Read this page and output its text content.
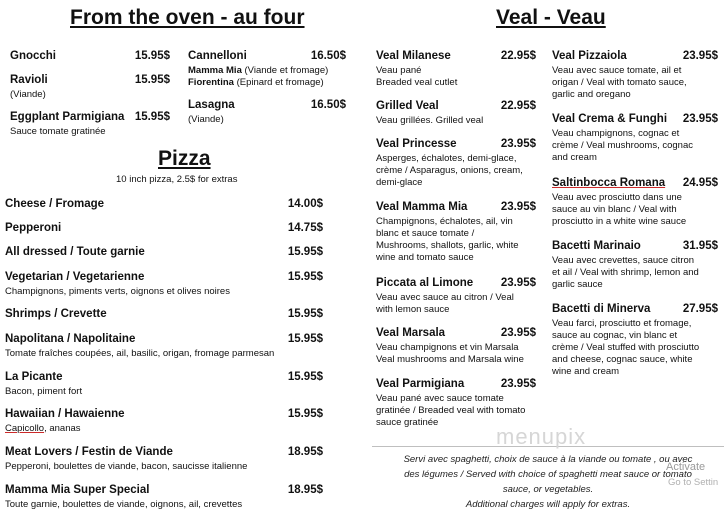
From the oven - au four
Gnocchi	15.95$
Ravioli	15.95$
(Viande)
Eggplant Parmigiana 15.95$
Sauce tomate gratinée
Cannelloni	16.50$
Mamma Mia (Viande et fromage)
Fiorentina (Epinard et fromage)
Lasagna	16.50$
(Viande)
Pizza
10 inch pizza, 2.5$ for extras
Cheese / Fromage	14.00$
Pepperoni	14.75$
All dressed / Toute garnie	15.95$
Vegetarian / Vegetarienne	15.95$
Champignons, piments verts, oignons et olives noires
Shrimps / Crevette	15.95$
Napolitana / Napolitaine	15.95$
Tomate fraîches coupées, ail, basilic, origan, fromage parmesan
La Picante	15.95$
Bacon, piment fort
Hawaiian / Hawaienne	15.95$
Capicollo, ananas
Meat Lovers / Festin de Viande	18.95$
Pepperoni, boulettes de viande, bacon, saucisse italienne
Mamma Mia Super Special	18.95$
Toute garnie, boulettes de viande, oignons, ail, crevettes
Veal - Veau
Veal Milanese	22.95$
Veau pané
Breaded veal cutlet
Grilled Veal	22.95$
Veau grillées. Grilled veal
Veal Princesse	23.95$
Asperges, échalotes, demi-glace,
crème / Asparagus, onions, cream,
demi-glace
Veal Mamma Mia	23.95$
Champignons, échalotes, ail, vin
blanc et sauce tomate /
Mushrooms, shallots, garlic, white
wine and tomato sauce
Piccata al Limone 23.95$
Veau avec sauce au citron / Veal
with lemon sauce
Veal Marsala	23.95$
Veau champignons et vin Marsala
Veal mushrooms and Marsala wine
Veal Parmigiana	23.95$
Veau pané avec sauce tomate
gratinée / Breaded veal with tomato
sauce gratinée
Veal Pizzaiola	23.95$
Veau avec sauce tomate, ail et
origan / Veal with tomato sauce,
garlic and oregano
Veal Crema & Funghi 23.95$
Veau champignons, cognac et
crème / Veal mushrooms, cognac
and cream
Saltinbocca Romana 24.95$
Veau avec prosciutto dans une
sauce au vin blanc / Veal with
prosciutto in a white wine sauce
Bacetti Marinaio	31.95$
Veau avec crevettes, sauce citron
et ail / Veal with shrimp, lemon and
garlic sauce
Bacetti di Minerva	27.95$
Veau farci, prosciutto et fromage,
sauce au cognac, vin blanc et
crème / Veal stuffed with prosciutto
and cheese, cognac sauce, white
wine and cream
menupix
Servi avec spaghetti, choix de sauce à la viande ou tomate , ou avec
des légumes / Served with choice of spaghetti meat sauce or tomato
sauce, or vegetables.
Additional charges will apply for extras.
Activate
Go to Settin
